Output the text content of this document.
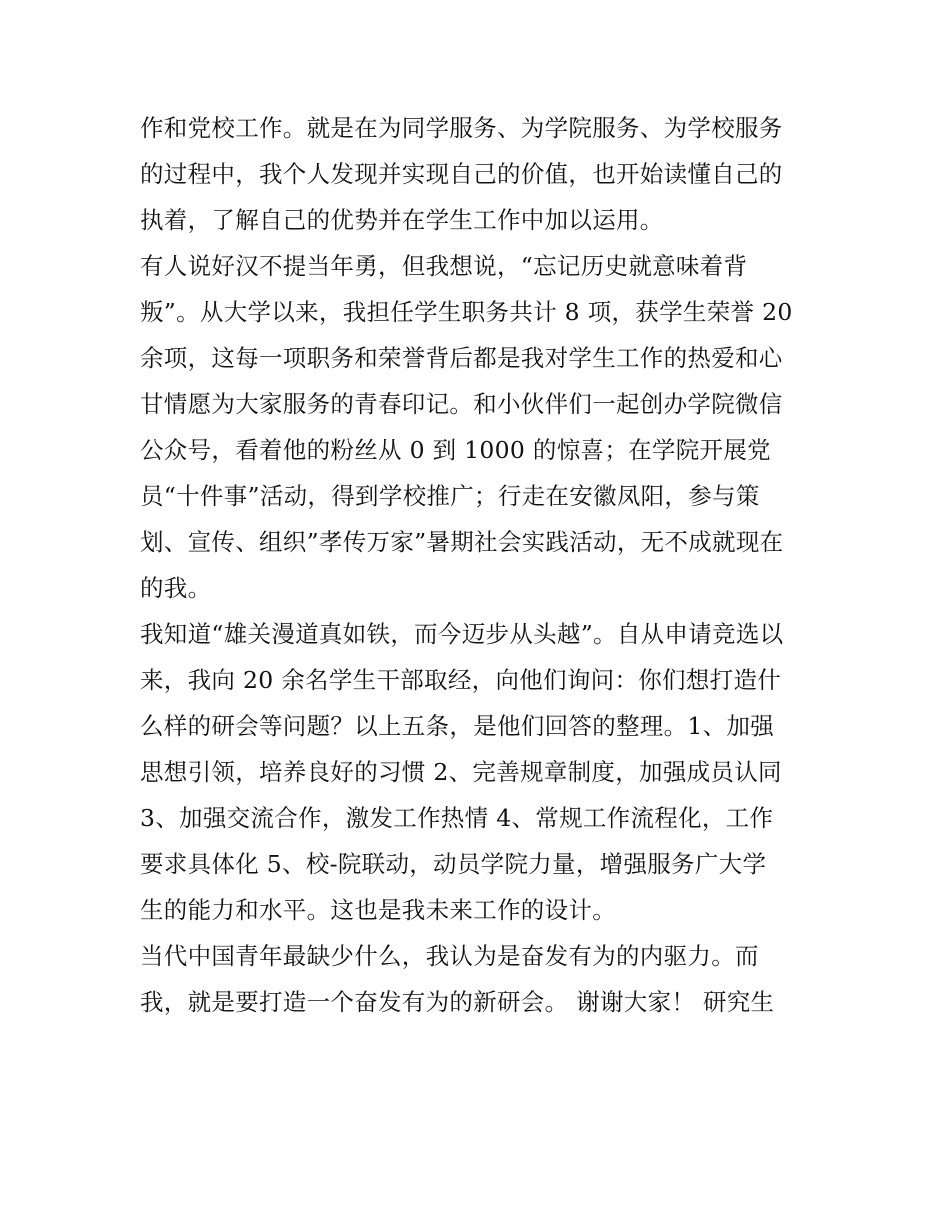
作和党校工作。就是在为同学服务、为学院服务、为学校服务
的过程中，我个人发现并实现自己的价值，也开始读懂自己的
执着，了解自己的优势并在学生工作中加以运用。
有人说好汉不提当年勇，但我想说，“忘记历史就意味着背
叛”。从大学以来，我担任学生职务共计 8 项，获学生荣誉 20
余项，这每一项职务和荣誉背后都是我对学生工作的热爱和心
甘情愿为大家服务的青春印记。和小伙伴们一起创办学院微信
公众号，看着他的粉丝从 0 到 1000 的惊喜；在学院开展党
员“十件事”活动，得到学校推广；行走在安徽凤阳，参与策
划、宣传、组织”孝传万家”暑期社会实践活动，无不成就现在
的我。
我知道“雄关漫道真如铁，而今迈步从头越”。自从申请竞选以
来，我向 20 余名学生干部取经，向他们询问：你们想打造什
么样的研会等问题？以上五条，是他们回答的整理。1、加强
思想引领，培养良好的习惯 2、完善规章制度，加强成员认同
3、加强交流合作，激发工作热情 4、常规工作流程化，工作
要求具体化 5、校-院联动，动员学院力量，增强服务广大学
生的能力和水平。这也是我未来工作的设计。
当代中国青年最缺少什么，我认为是奋发有为的内驱力。而
我，就是要打造一个奋发有为的新研会。 谢谢大家！ 研究生
